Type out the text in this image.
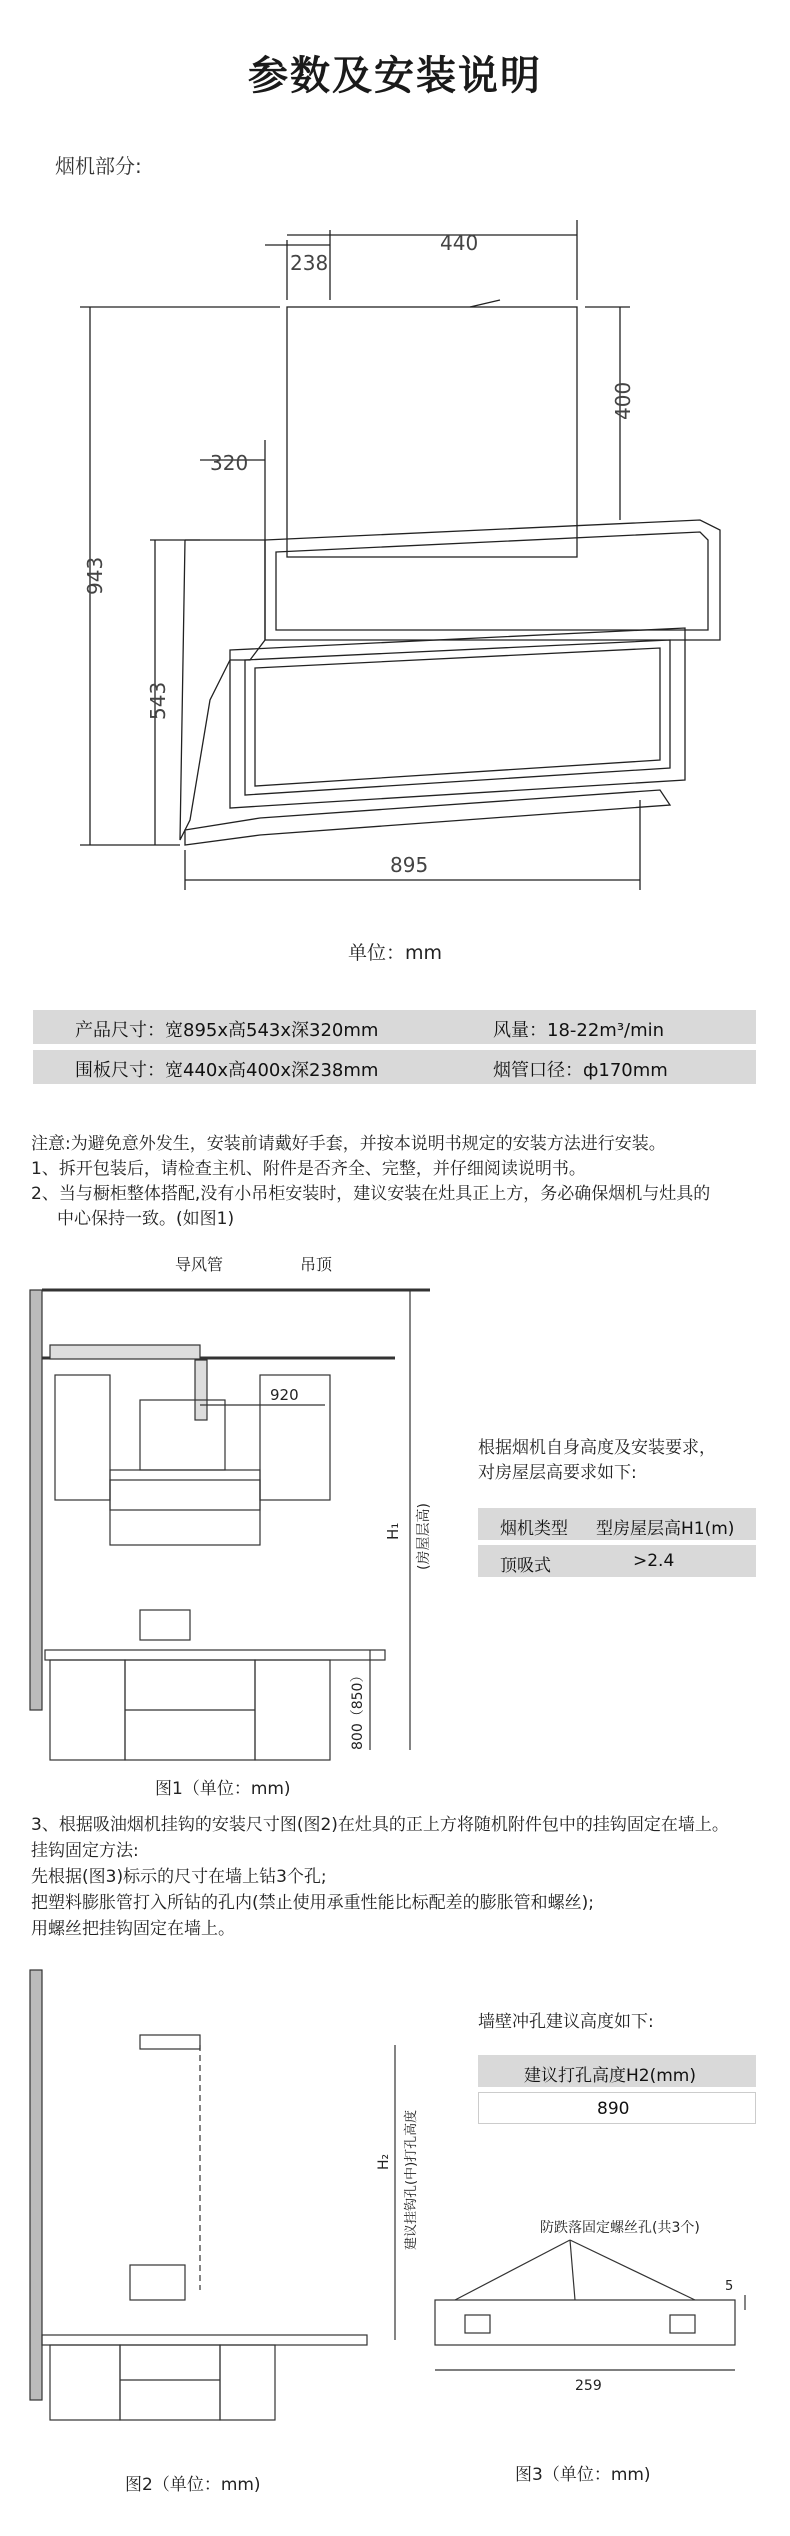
参数及安装说明
烟机部分:
238
440
400
320
943
543
895
单位：mm
产品尺寸：宽895x高543x深320mm	风量：18-22m³/min
围板尺寸：宽440x高400x深238mm	烟管口径：ф170mm
注意:为避免意外发生，安装前请戴好手套，并按本说明书规定的安装方法进行安装。
1、拆开包装后，请检查主机、附件是否齐全、完整，并仔细阅读说明书。
2、当与橱柜整体搭配,没有小吊柜安装时，建议安装在灶具正上方，务必确保烟机与灶具的
中心保持一致。(如图1)
导风管	吊顶
920
H₁ (房屋层高)
800（850）
图1（单位：mm)
根据烟机自身高度及安装要求，
对房屋层高要求如下:
烟机类型 型房屋层高H1(m)
顶吸式	>2.4
3、根据吸油烟机挂钩的安装尺寸图(图2)在灶具的正上方将随机附件包中的挂钩固定在墙上。
挂钩固定方法:
先根据(图3)标示的尺寸在墙上钻3个孔;
把塑料膨胀管打入所钻的孔内(禁止使用承重性能比标配差的膨胀管和螺丝);
用螺丝把挂钩固定在墙上。
H₂ 建议挂钩孔(中)打孔高度
图2（单位：mm)
墙壁冲孔建议高度如下:
建议打孔高度H2(mm)
890
防跌落固定螺丝孔(共3个)
259
5
图3（单位：mm)
